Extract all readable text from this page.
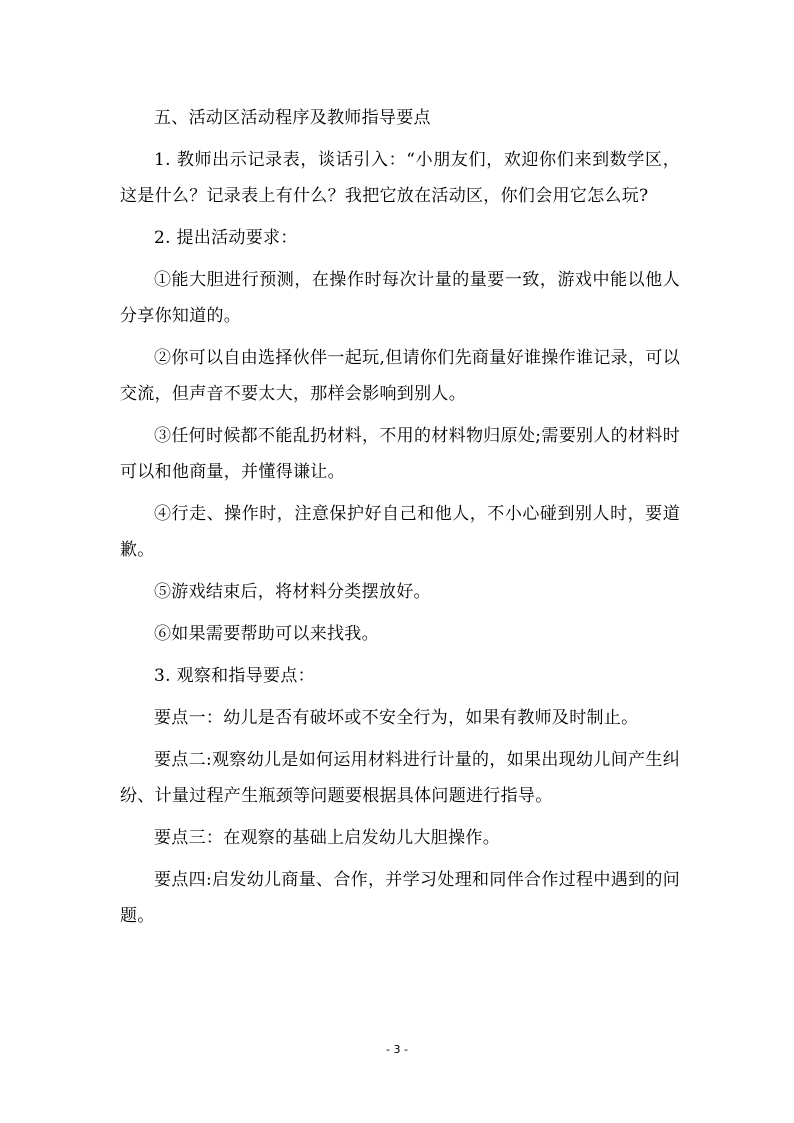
五、活动区活动程序及教师指导要点

1. 教师出示记录表，谈话引入：“小朋友们，欢迎你们来到数学区，这是什么？记录表上有什么？我把它放在活动区，你们会用它怎么玩?

2. 提出活动要求：

①能大胆进行预测，在操作时每次计量的量要一致，游戏中能以他人分享你知道的。

②你可以自由选择伙伴一起玩,但请你们先商量好谁操作谁记录，可以交流，但声音不要太大，那样会影响到别人。

③任何时候都不能乱扔材料，不用的材料物归原处;需要别人的材料时可以和他商量，并懂得谦让。

④行走、操作时，注意保护好自己和他人，不小心碰到别人时，要道歉。

⑤游戏结束后，将材料分类摆放好。

⑥如果需要帮助可以来找我。

3. 观察和指导要点：

要点一：幼儿是否有破坏或不安全行为，如果有教师及时制止。

要点二:观察幼儿是如何运用材料进行计量的，如果出现幼儿间产生纠纷、计量过程产生瓶颈等问题要根据具体问题进行指导。

要点三：在观察的基础上启发幼儿大胆操作。

要点四:启发幼儿商量、合作，并学习处理和同伴合作过程中遇到的问题。

- 3 -
